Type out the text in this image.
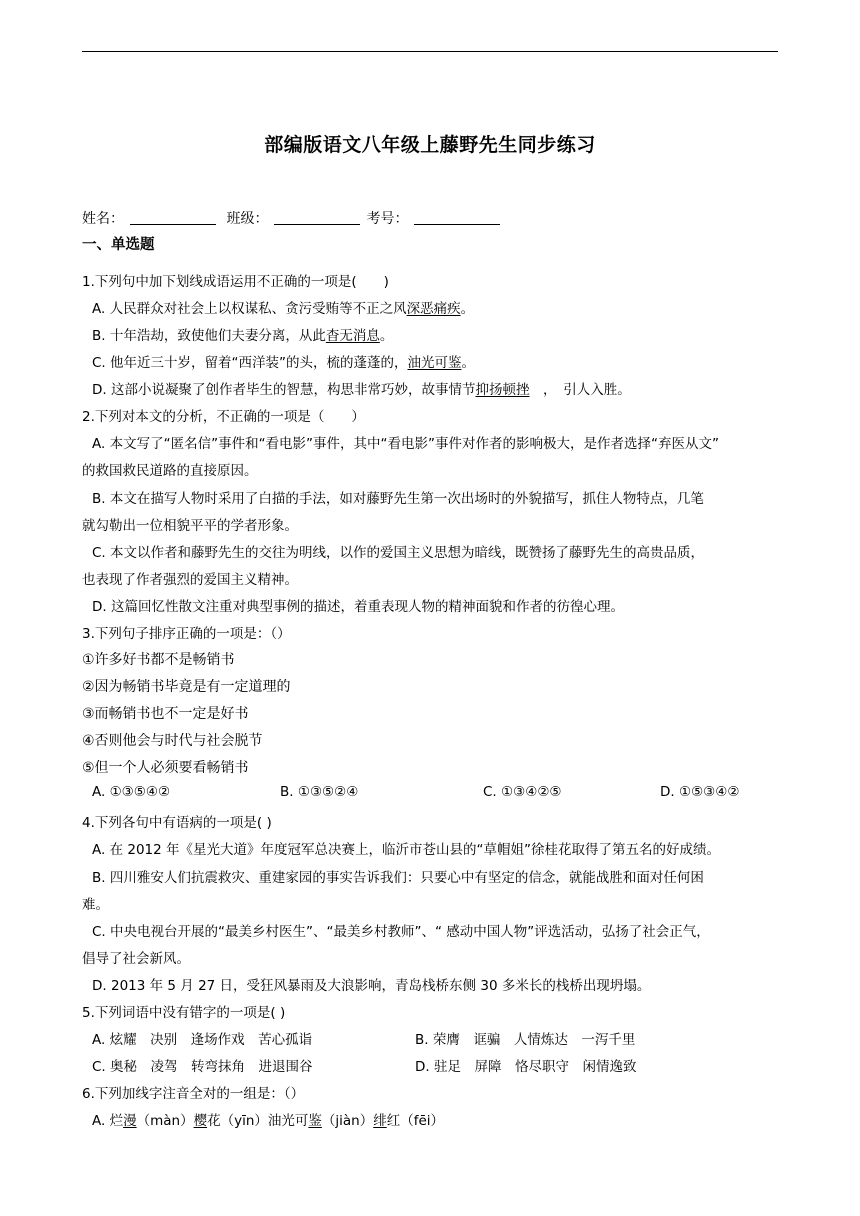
部编版语文八年级上藤野先生同步练习
姓名：	班级：	考号：
一、单选题
1.下列句中加下划线成语运用不正确的一项是(　　)
A. 人民群众对社会上以权谋私、贪污受贿等不正之风深恶痛疾。
B. 十年浩劫，致使他们夫妻分离，从此杳无消息。
C. 他年近三十岁，留着“西洋装”的头，梳的蓬蓬的，油光可鉴。
D. 这部小说凝聚了创作者毕生的智慧，构思非常巧妙，故事情节抑扬顿挫　，　引人入胜。
2.下列对本文的分析，不正确的一项是（　　）
A. 本文写了“匿名信”事件和“看电影”事件，其中“看电影”事件对作者的影响极大，是作者选择“弃医从文”
的救国救民道路的直接原因。
B. 本文在描写人物时采用了白描的手法，如对藤野先生第一次出场时的外貌描写，抓住人物特点，几笔
就勾勒出一位相貌平平的学者形象。
C. 本文以作者和藤野先生的交往为明线，以作的爱国主义思想为暗线，既赞扬了藤野先生的高贵品质，
也表现了作者强烈的爱国主义精神。
D. 这篇回忆性散文注重对典型事例的描述，着重表现人物的精神面貌和作者的彷徨心理。
3.下列句子排序正确的一项是：（）
①许多好书都不是畅销书
②因为畅销书毕竟是有一定道理的
③而畅销书也不一定是好书
④否则他会与时代与社会脱节
⑤但一个人必须要看畅销书
A. ①③⑤④②	B. ①③⑤②④	C. ①③④②⑤	D. ①⑤③④②
4.下列各句中有语病的一项是( )
A. 在 2012 年《星光大道》年度冠军总决赛上，临沂市苍山县的“草帽姐”徐桂花取得了第五名的好成绩。
B. 四川雅安人们抗震救灾、重建家园的事实告诉我们：只要心中有坚定的信念，就能战胜和面对任何困
难。
C. 中央电视台开展的“最美乡村医生”、“最美乡村教师”、“ 感动中国人物”评选活动，弘扬了社会正气，
倡导了社会新风。
D. 2013 年 5 月 27 日，受狂风暴雨及大浪影响，青岛栈桥东侧 30 多米长的栈桥出现坍塌。
5.下列词语中没有错字的一项是( )
A. 炫耀　决别　逢场作戏　苦心孤诣	B. 荣膺　诓骗　人情炼达　一泻千里
C. 奥秘　凌驾　转弯抹角　进退围谷	D. 驻足　屏障　恪尽职守　闲情逸致
6.下列加线字注音全对的一组是：（）
A. 烂漫（màn）樱花（yīn）油光可鉴（jiàn）绯红（fēi）
